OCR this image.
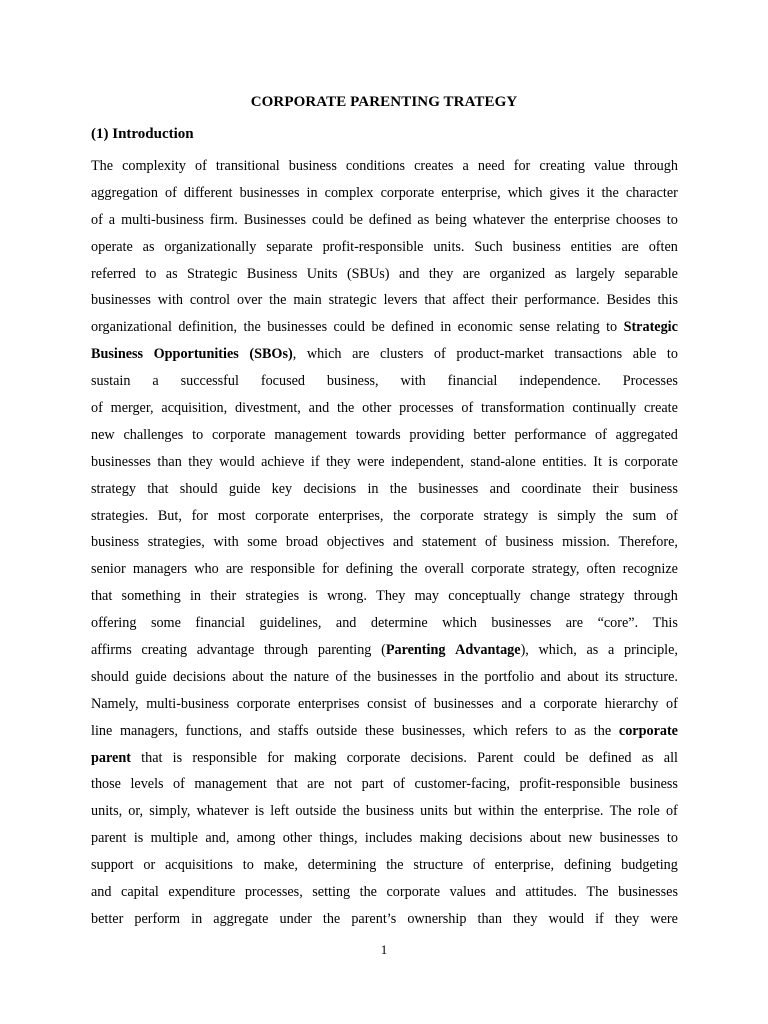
CORPORATE PARENTING TRATEGY
(1) Introduction
The complexity of transitional business conditions creates a need for creating value through
aggregation of different businesses in complex corporate enterprise, which gives it the character
of a multi-business firm. Businesses could be defined as being whatever the enterprise chooses to
operate as organizationally separate profit-responsible units. Such business entities are often
referred to as Strategic Business Units (SBUs) and they are organized as largely separable
businesses with control over the main strategic levers that affect their performance. Besides this
organizational definition, the businesses could be defined in economic sense relating to Strategic
Business Opportunities (SBOs), which are clusters of product-market transactions able to
sustain a successful focused business, with financial independence. Processes
of merger, acquisition, divestment, and the other processes of transformation continually create
new challenges to corporate management towards providing better performance of aggregated
businesses than they would achieve if they were independent, stand-alone entities. It is corporate
strategy that should guide key decisions in the businesses and coordinate their business
strategies. But, for most corporate enterprises, the corporate strategy is simply the sum of
business strategies, with some broad objectives and statement of business mission. Therefore,
senior managers who are responsible for defining the overall corporate strategy, often recognize
that something in their strategies is wrong. They may conceptually change strategy through
offering some financial guidelines, and determine which businesses are “core”. This
affirms creating advantage through parenting (Parenting Advantage), which, as a principle,
should guide decisions about the nature of the businesses in the portfolio and about its structure.
Namely, multi-business corporate enterprises consist of businesses and a corporate hierarchy of
line managers, functions, and staffs outside these businesses, which refers to as the corporate
parent that is responsible for making corporate decisions. Parent could be defined as all
those levels of management that are not part of customer-facing, profit-responsible business
units, or, simply, whatever is left outside the business units but within the enterprise. The role of
parent is multiple and, among other things, includes making decisions about new businesses to
support or acquisitions to make, determining the structure of enterprise, defining budgeting
and capital expenditure processes, setting the corporate values and attitudes. The businesses
better perform in aggregate under the parent’s ownership than they would if they were
1
